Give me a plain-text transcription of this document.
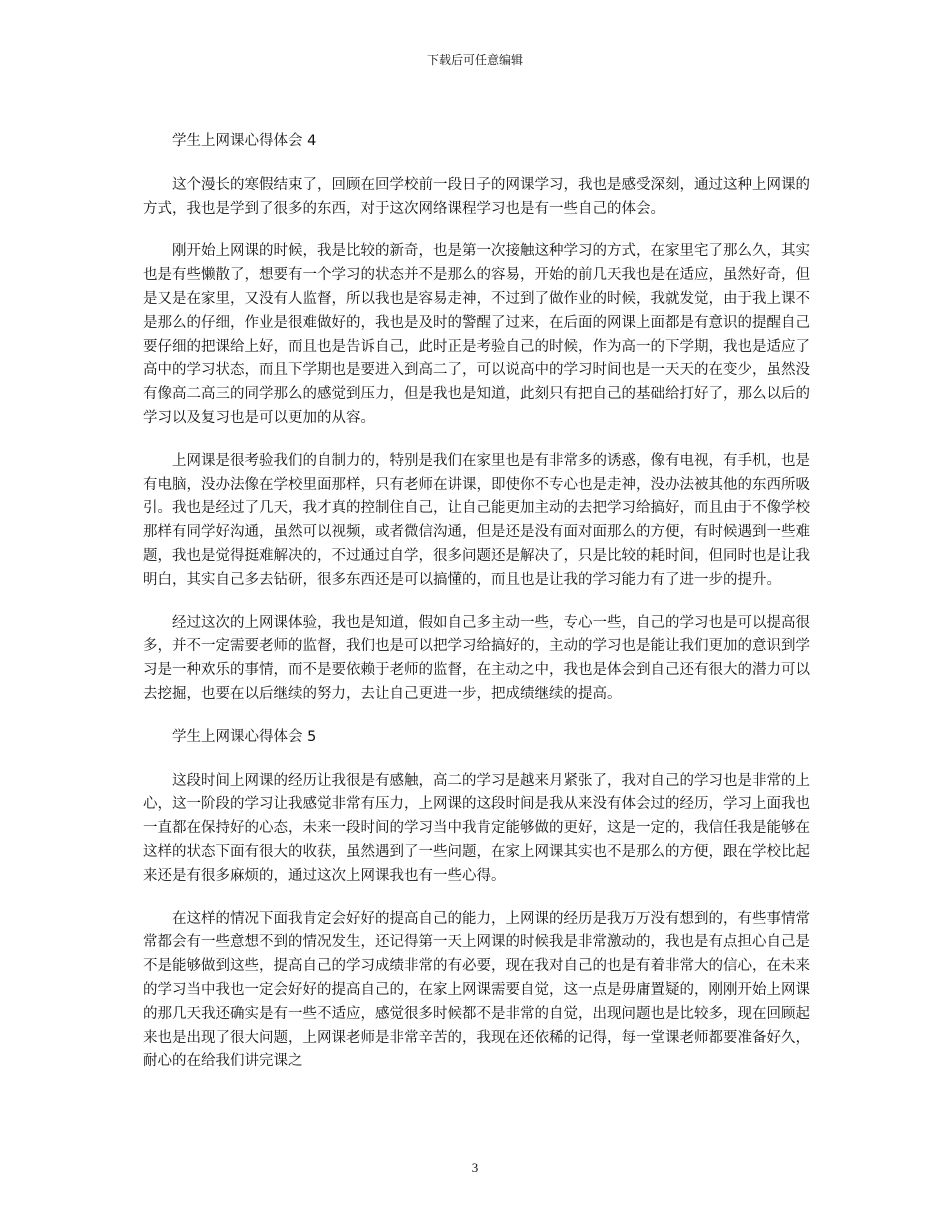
下载后可任意编辑

学生上网课心得体会 4

这个漫长的寒假结束了，回顾在回学校前一段日子的网课学习，我也是感受深刻，通过这种上网课的方式，我也是学到了很多的东西，对于这次网络课程学习也是有一些自己的体会。

刚开始上网课的时候，我是比较的新奇，也是第一次接触这种学习的方式，在家里宅了那么久，其实也是有些懒散了，想要有一个学习的状态并不是那么的容易，开始的前几天我也是在适应，虽然好奇，但是又是在家里，又没有人监督，所以我也是容易走神，不过到了做作业的时候，我就发觉，由于我上课不是那么的仔细，作业是很难做好的，我也是及时的警醒了过来，在后面的网课上面都是有意识的提醒自己要仔细的把课给上好，而且也是告诉自己，此时正是考验自己的时候，作为高一的下学期，我也是适应了高中的学习状态，而且下学期也是要进入到高二了，可以说高中的学习时间也是一天天的在变少，虽然没有像高二高三的同学那么的感觉到压力，但是我也是知道，此刻只有把自己的基础给打好了，那么以后的学习以及复习也是可以更加的从容。

上网课是很考验我们的自制力的，特别是我们在家里也是有非常多的诱惑，像有电视，有手机，也是有电脑，没办法像在学校里面那样，只有老师在讲课，即使你不专心也是走神，没办法被其他的东西所吸引。我也是经过了几天，我才真的控制住自己，让自己能更加主动的去把学习给搞好，而且由于不像学校那样有同学好沟通，虽然可以视频，或者微信沟通，但是还是没有面对面那么的方便，有时候遇到一些难题，我也是觉得挺难解决的，不过通过自学，很多问题还是解决了，只是比较的耗时间，但同时也是让我明白，其实自己多去钻研，很多东西还是可以搞懂的，而且也是让我的学习能力有了进一步的提升。

经过这次的上网课体验，我也是知道，假如自己多主动一些，专心一些，自己的学习也是可以提高很多，并不一定需要老师的监督，我们也是可以把学习给搞好的，主动的学习也是能让我们更加的意识到学习是一种欢乐的事情，而不是要依赖于老师的监督，在主动之中，我也是体会到自己还有很大的潜力可以去挖掘，也要在以后继续的努力，去让自己更进一步，把成绩继续的提高。

学生上网课心得体会 5

这段时间上网课的经历让我很是有感触，高二的学习是越来月紧张了，我对自己的学习也是非常的上心，这一阶段的学习让我感觉非常有压力，上网课的这段时间是我从来没有体会过的经历，学习上面我也一直都在保持好的心态，未来一段时间的学习当中我肯定能够做的更好，这是一定的，我信任我是能够在这样的状态下面有很大的收获，虽然遇到了一些问题，在家上网课其实也不是那么的方便，跟在学校比起来还是有很多麻烦的，通过这次上网课我也有一些心得。

在这样的情况下面我肯定会好好的提高自己的能力，上网课的经历是我万万没有想到的，有些事情常常都会有一些意想不到的情况发生，还记得第一天上网课的时候我是非常激动的，我也是有点担心自己是不是能够做到这些，提高自己的学习成绩非常的有必要，现在我对自己的也是有着非常大的信心，在未来的学习当中我也一定会好好的提高自己的，在家上网课需要自觉，这一点是毋庸置疑的，刚刚开始上网课的那几天我还确实是有一些不适应，感觉很多时候都不是非常的自觉，出现问题也是比较多，现在回顾起来也是出现了很大问题，上网课老师是非常辛苦的，我现在还依稀的记得，每一堂课老师都要准备好久，耐心的在给我们讲完课之

3
